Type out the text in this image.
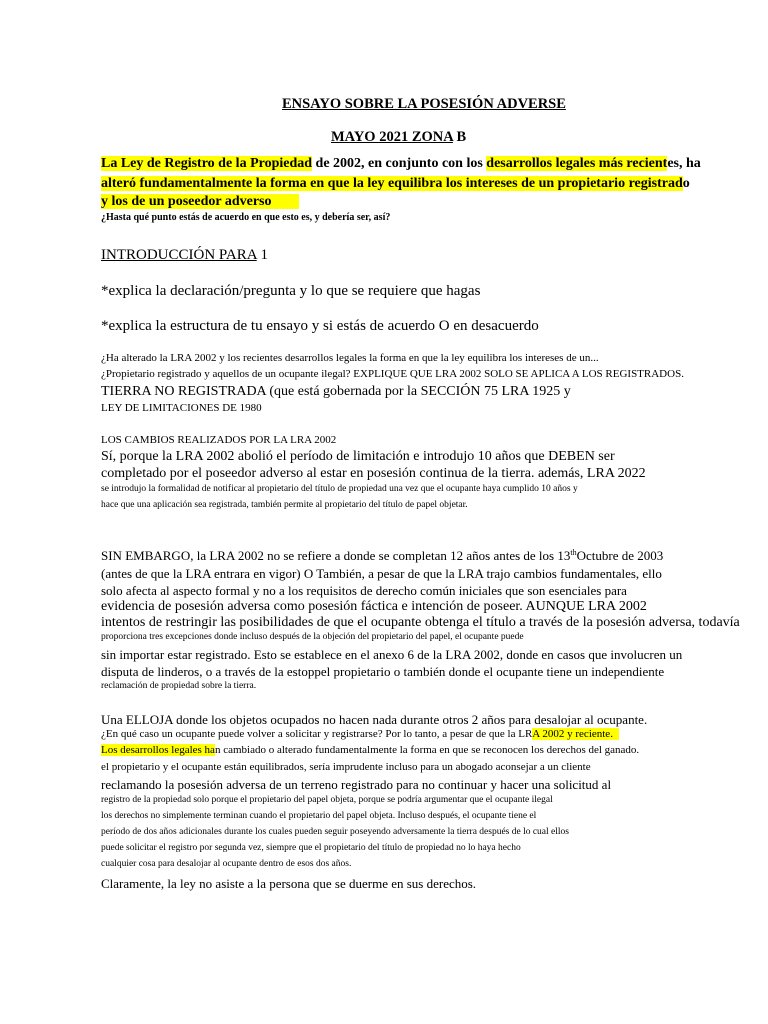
ENSAYO SOBRE LA POSESIÓN ADVERSE
MAYO 2021 ZONA B
La Ley de Registro de la Propiedad de 2002, en conjunto con los desarrollos legales más recientes, ha
alteró fundamentalmente la forma en que la ley equilibra los intereses de un propietario registrado
y los de un poseedor adverso
¿Hasta qué punto estás de acuerdo en que esto es, y debería ser, así?
INTRODUCCIÓN PARA 1
*explica la declaración/pregunta y lo que se requiere que hagas
*explica la estructura de tu ensayo y si estás de acuerdo O en desacuerdo
¿Ha alterado la LRA 2002 y los recientes desarrollos legales la forma en que la ley equilibra los intereses de un...
¿Propietario registrado y aquellos de un ocupante ilegal? EXPLIQUE QUE LRA 2002 SOLO SE APLICA A LOS REGISTRADOS.
TIERRA NO REGISTRADA (que está gobernada por la SECCIÓN 75 LRA 1925 y
LEY DE LIMITACIONES DE 1980
LOS CAMBIOS REALIZADOS POR LA LRA 2002
Sí, porque la LRA 2002 abolió el período de limitación e introdujo 10 años que DEBEN ser
completado por el poseedor adverso al estar en posesión continua de la tierra. además, LRA 2022
se introdujo la formalidad de notificar al propietario del título de propiedad una vez que el ocupante haya cumplido 10 años y
hace que una aplicación sea registrada, también permite al propietario del título de papel objetar.
SIN EMBARGO, la LRA 2002 no se refiere a donde se completan 12 años antes de los 13thOctubre de 2003
(antes de que la LRA entrara en vigor) O También, a pesar de que la LRA trajo cambios fundamentales, ello
solo afecta al aspecto formal y no a los requisitos de derecho común iniciales que son esenciales para
evidencia de posesión adversa como posesión fáctica e intención de poseer. AUNQUE LRA 2002
intentos de restringir las posibilidades de que el ocupante obtenga el título a través de la posesión adversa, todavía
proporciona tres excepciones donde incluso después de la objeción del propietario del papel, el ocupante puede
sin importar estar registrado. Esto se establece en el anexo 6 de la LRA 2002, donde en casos que involucren un
disputa de linderos, o a través de la estoppel propietario o también donde el ocupante tiene un independiente
reclamación de propiedad sobre la tierra.
Una ELLOJA donde los objetos ocupados no hacen nada durante otros 2 años para desalojar al ocupante.
¿En qué caso un ocupante puede volver a solicitar y registrarse? Por lo tanto, a pesar de que la LRA 2002 y reciente.
Los desarrollos legales han cambiado o alterado fundamentalmente la forma en que se reconocen los derechos del ganado.
el propietario y el ocupante están equilibrados, sería imprudente incluso para un abogado aconsejar a un cliente
reclamando la posesión adversa de un terreno registrado para no continuar y hacer una solicitud al
registro de la propiedad solo porque el propietario del papel objeta, porque se podría argumentar que el ocupante ilegal
los derechos no simplemente terminan cuando el propietario del papel objeta. Incluso después, el ocupante tiene el
período de dos años adicionales durante los cuales pueden seguir poseyendo adversamente la tierra después de lo cual ellos
puede solicitar el registro por segunda vez, siempre que el propietario del título de propiedad no lo haya hecho
cualquier cosa para desalojar al ocupante dentro de esos dos años.
Claramente, la ley no asiste a la persona que se duerme en sus derechos.
